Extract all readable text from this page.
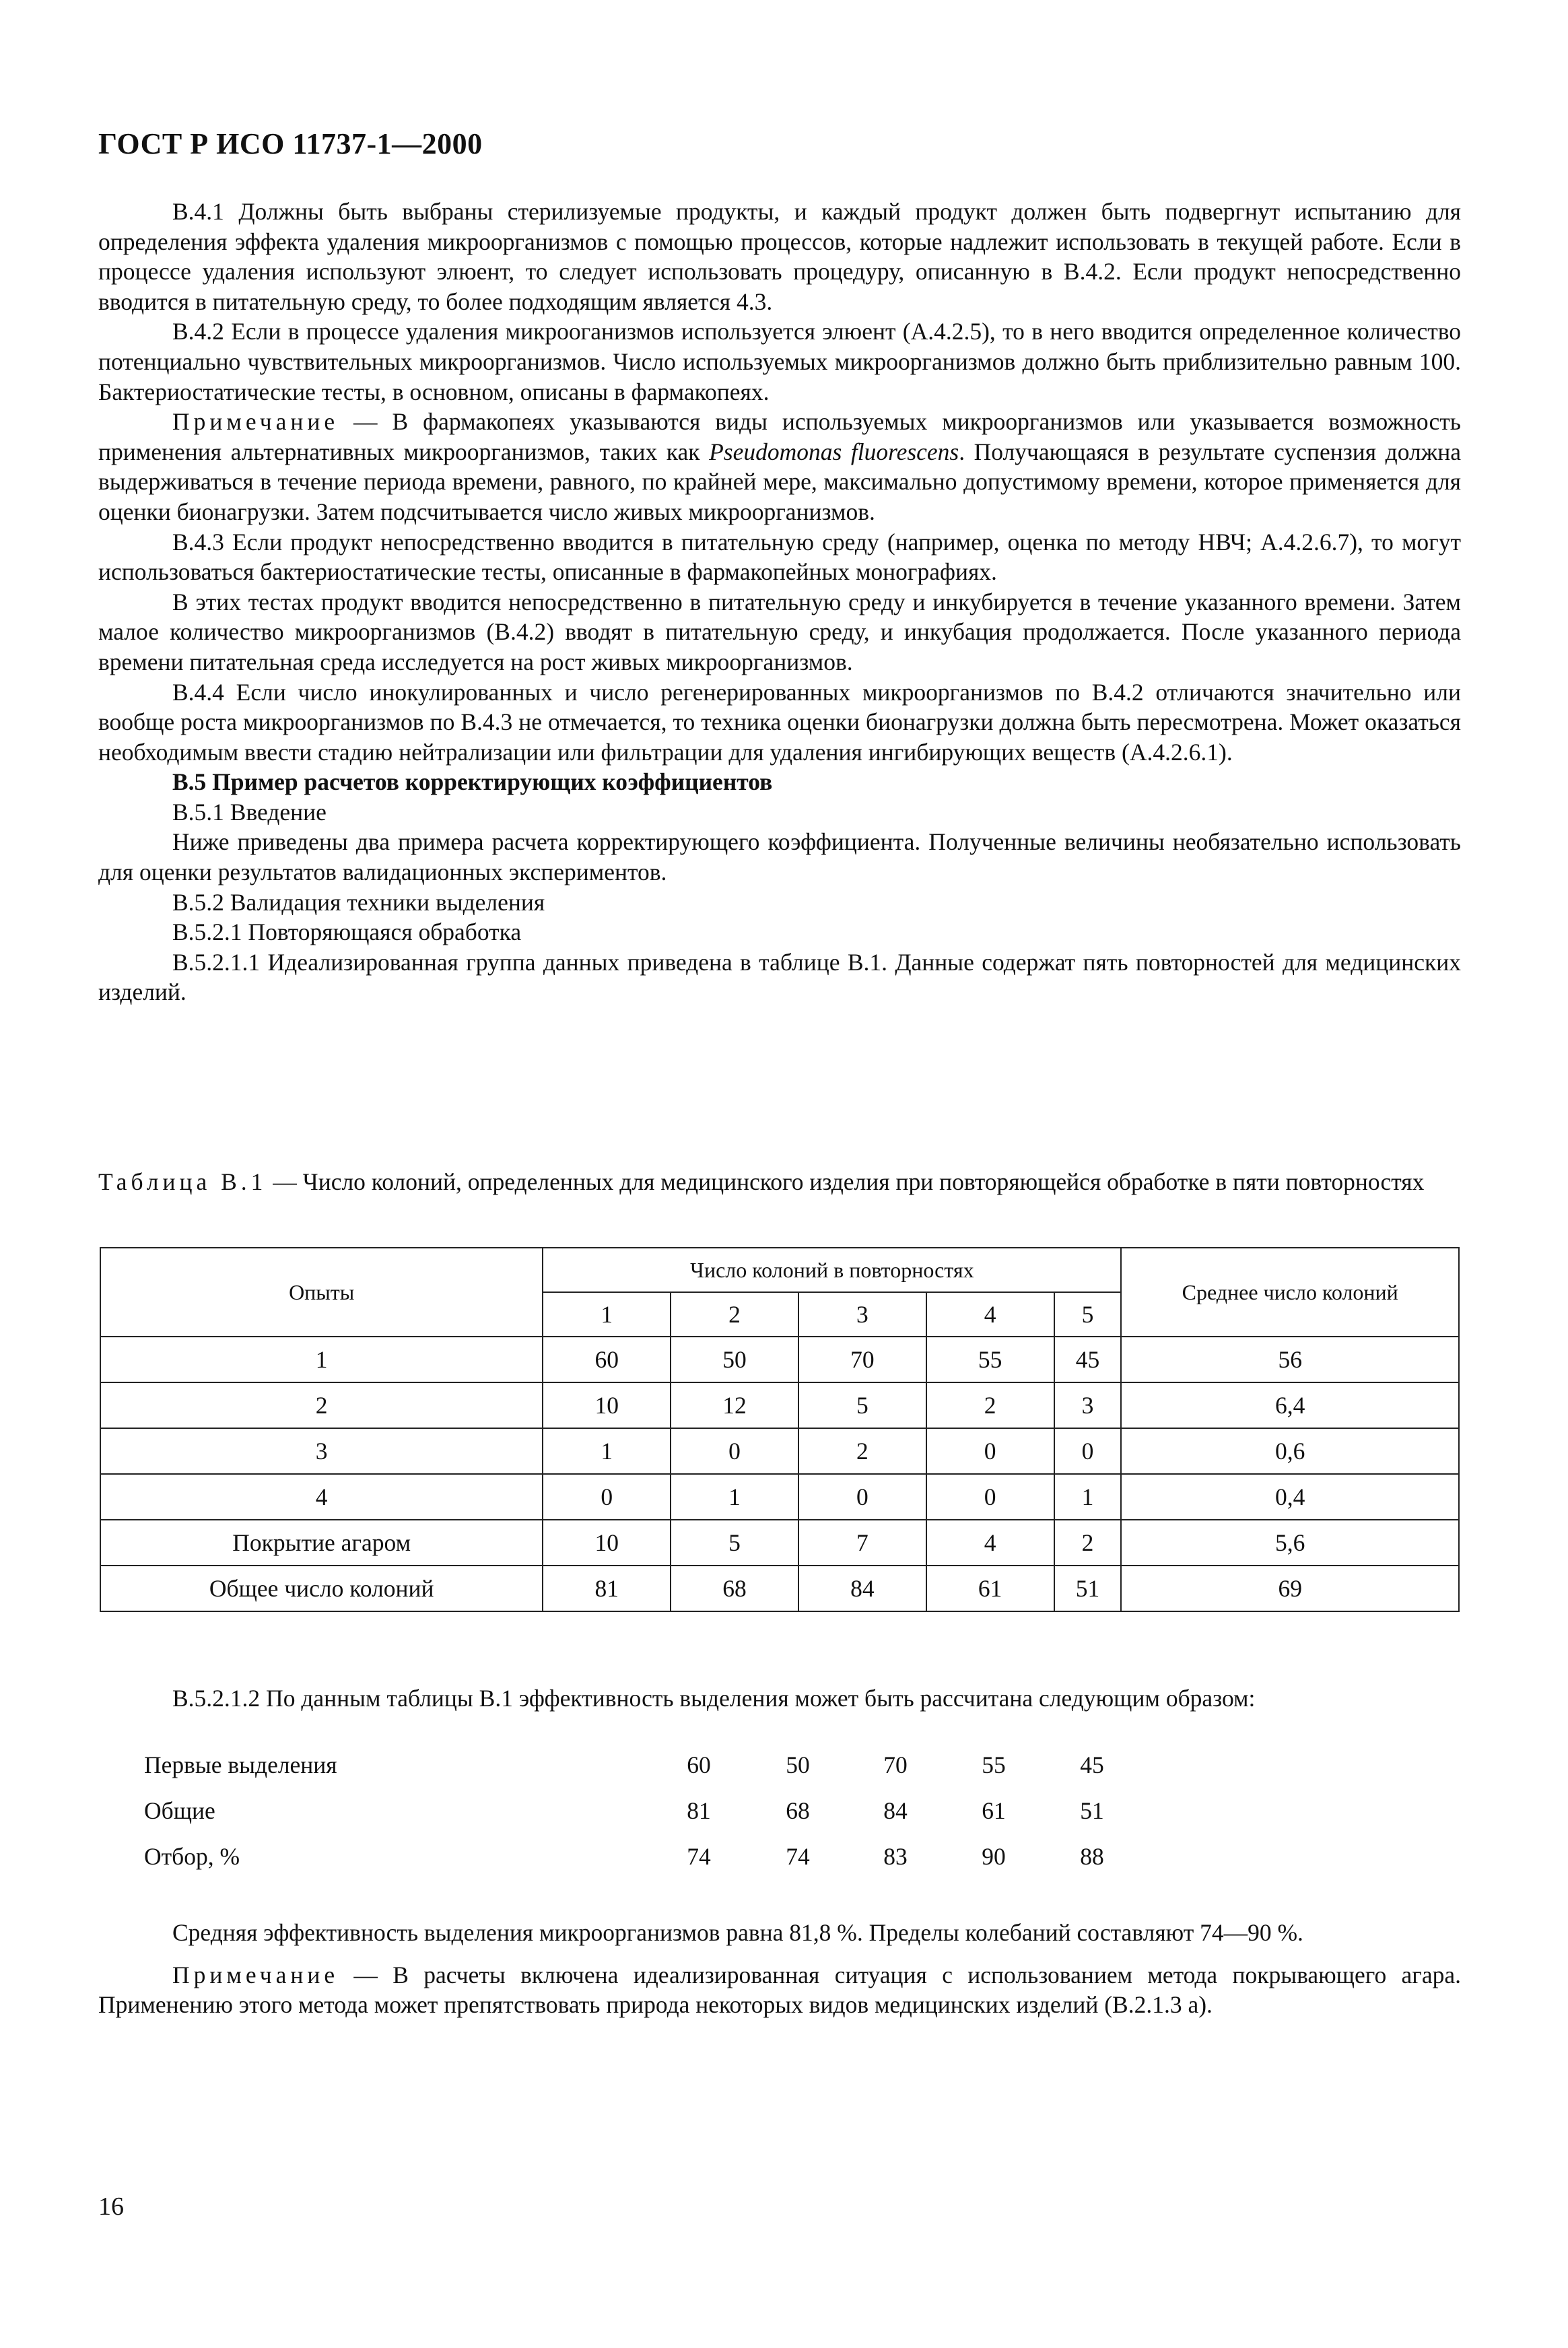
ГОСТ Р ИСО 11737-1—2000

В.4.1 Должны быть выбраны стерилизуемые продукты, и каждый продукт должен быть подвергнут испытанию для определения эффекта удаления микроорганизмов с помощью процессов, которые надлежит использовать в текущей работе. Если в процессе удаления используют элюент, то следует использовать процедуру, описанную в В.4.2. Если продукт непосредственно вводится в питательную среду, то более подходящим является 4.3.

В.4.2 Если в процессе удаления микрооганизмов используется элюент (А.4.2.5), то в него вводится определенное количество потенциально чувствительных микроорганизмов. Число используемых микроорганизмов должно быть приблизительно равным 100. Бактериостатические тесты, в основном, описаны в фармакопеях.

Примечание — В фармакопеях указываются виды используемых микроорганизмов или указывается возможность применения альтернативных микроорганизмов, таких как Pseudomonas fluorescens. Получающаяся в результате суспензия должна выдерживаться в течение периода времени, равного, по крайней мере, максимально допустимому времени, которое применяется для оценки бионагрузки. Затем подсчитывается число живых микроорганизмов.

В.4.3 Если продукт непосредственно вводится в питательную среду (например, оценка по методу НВЧ; А.4.2.6.7), то могут использоваться бактериостатические тесты, описанные в фармакопейных монографиях.

В этих тестах продукт вводится непосредственно в питательную среду и инкубируется в течение указанного времени. Затем малое количество микроорганизмов (В.4.2) вводят в питательную среду, и инкубация продолжается. После указанного периода времени питательная среда исследуется на рост живых микроорганизмов.

В.4.4 Если число инокулированных и число регенерированных микроорганизмов по В.4.2 отличаются значительно или вообще роста микроорганизмов по В.4.3 не отмечается, то техника оценки бионагрузки должна быть пересмотрена. Может оказаться необходимым ввести стадию нейтрализации или фильтрации для удаления ингибирующих веществ (А.4.2.6.1).

В.5 Пример расчетов корректирующих коэффициентов

В.5.1 Введение

Ниже приведены два примера расчета корректирующего коэффициента. Полученные величины необязательно использовать для оценки результатов валидационных экспериментов.

В.5.2 Валидация техники выделения

В.5.2.1 Повторяющаяся обработка

В.5.2.1.1 Идеализированная группа данных приведена в таблице В.1. Данные содержат пять повторностей для медицинских изделий.

Таблица В.1 — Число колоний, определенных для медицинского изделия при повторяющейся обработке в пяти повторностях
Опыты	Число колоний в повторностях					Среднее число колоний
	1	2	3	4	5	
1	60	50	70	55	45	56
2	10	12	5	2	3	6,4
3	1	0	2	0	0	0,6
4	0	1	0	0	1	0,4
Покрытие агаром	10	5	7	4	2	5,6
Общее число колоний	81	68	84	61	51	69
В.5.2.1.2 По данным таблицы В.1 эффективность выделения может быть рассчитана следующим образом:
Первые выделения	60	50	70	55	45
Общие	81	68	84	61	51
Отбор, %	74	74	83	90	88

Средняя эффективность выделения микроорганизмов равна 81,8 %. Пределы колебаний составляют 74—90 %.

Примечание — В расчеты включена идеализированная ситуация с использованием метода покрывающего агара. Применению этого метода может препятствовать природа некоторых видов медицинских изделий (В.2.1.3 а).

16
